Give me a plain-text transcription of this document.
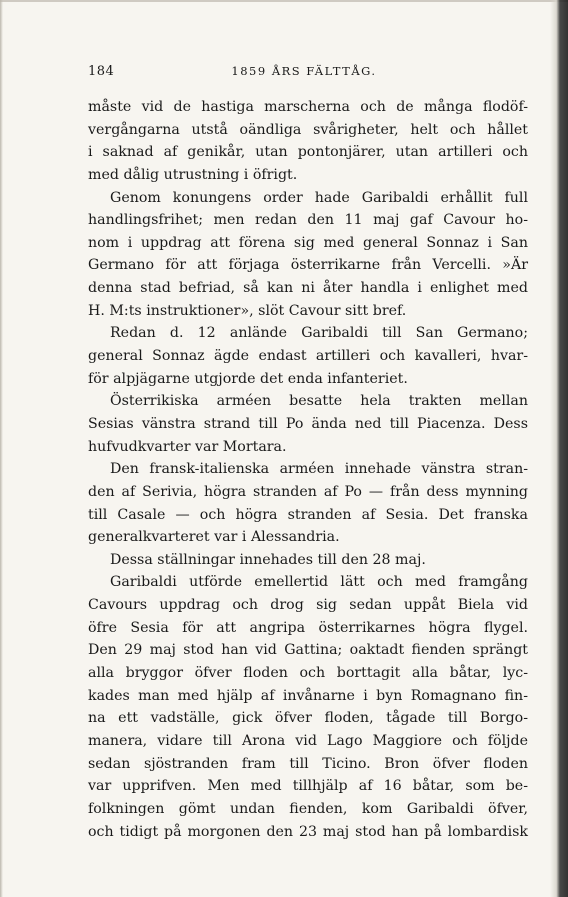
184	1859 ÅRS FÄLTTÅG.
måste vid de hastiga marscherna och de många flodöf-
vergångarna utstå oändliga svårigheter, helt och hållet
i saknad af genikår, utan pontonjärer, utan artilleri och
med dålig utrustning i öfrigt.
Genom konungens order hade Garibaldi erhållit full
handlingsfrihet; men redan den 11 maj gaf Cavour ho-
nom i uppdrag att förena sig med general Sonnaz i San
Germano för att förjaga österrikarne från Vercelli. »Är
denna stad befriad, så kan ni åter handla i enlighet med
H. M:ts instruktioner», slöt Cavour sitt bref.
Redan d. 12 anlände Garibaldi till San Germano;
general Sonnaz ägde endast artilleri och kavalleri, hvar-
för alpjägarne utgjorde det enda infanteriet.
Österrikiska arméen besatte hela trakten mellan
Sesias vänstra strand till Po ända ned till Piacenza. Dess
hufvudkvarter var Mortara.
Den fransk-italienska arméen innehade vänstra stran-
den af Serivia, högra stranden af Po — från dess mynning
till Casale — och högra stranden af Sesia. Det franska
generalkvarteret var i Alessandria.
Dessa ställningar innehades till den 28 maj.
Garibaldi utförde emellertid lätt och med framgång
Cavours uppdrag och drog sig sedan uppåt Biela vid
öfre Sesia för att angripa österrikarnes högra flygel.
Den 29 maj stod han vid Gattina; oaktadt fienden sprängt
alla bryggor öfver floden och borttagit alla båtar, lyc-
kades man med hjälp af invånarne i byn Romagnano fin-
na ett vadställe, gick öfver floden, tågade till Borgo-
manera, vidare till Arona vid Lago Maggiore och följde
sedan sjöstranden fram till Ticino. Bron öfver floden
var upprifven. Men med tillhjälp af 16 båtar, som be-
folkningen gömt undan fienden, kom Garibaldi öfver,
och tidigt på morgonen den 23 maj stod han på lombardisk
